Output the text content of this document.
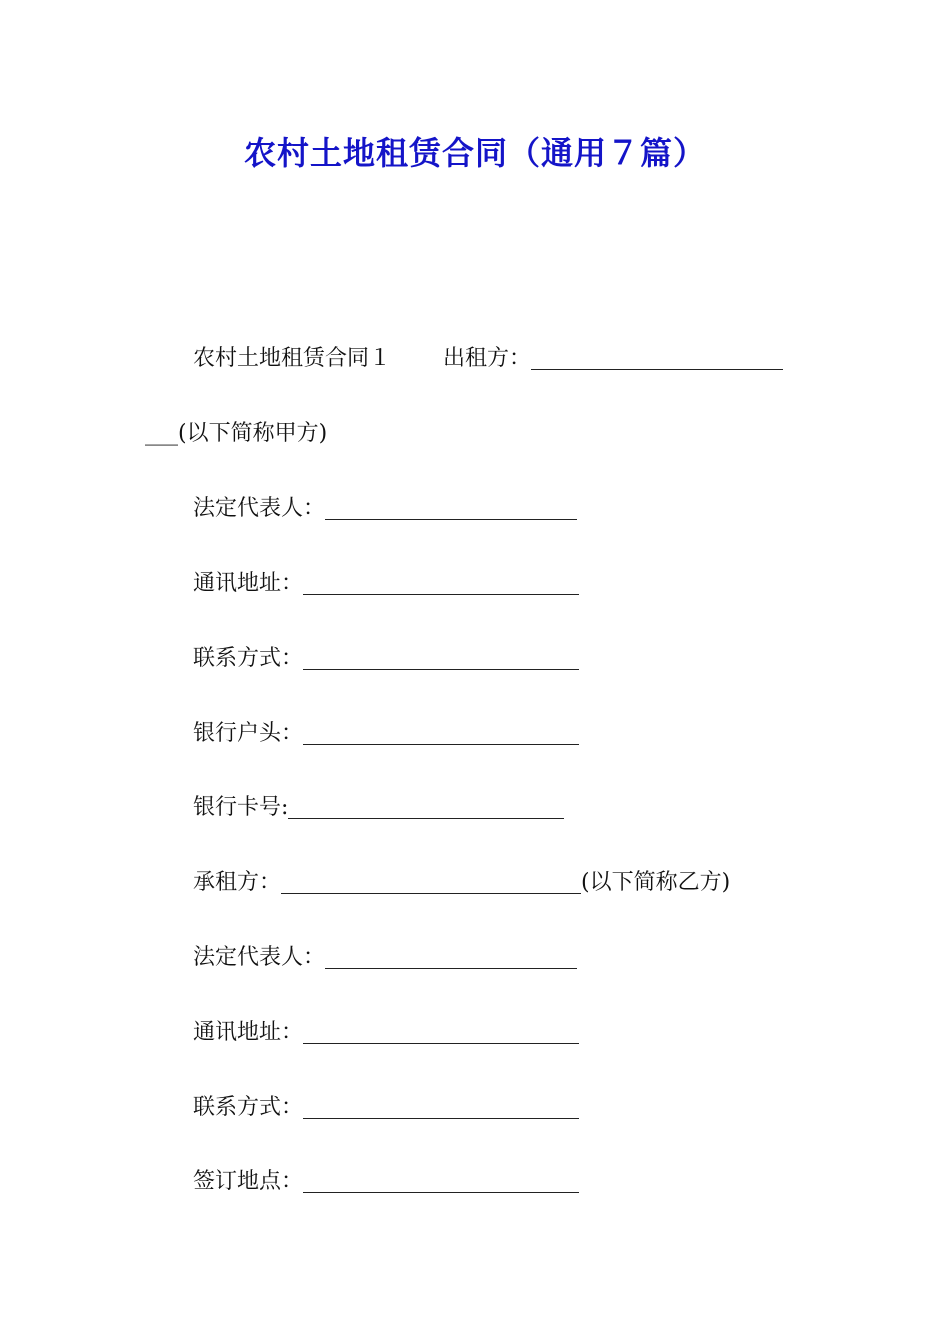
农村土地租赁合同（通用７篇）
农村土地租赁合同１ 出租方：
___ (以下简称甲方)
法定代表人：
通讯地址：
联系方式：
银行户头：
银行卡号:
承租方：	(以下简称乙方)
法定代表人：
通讯地址：
联系方式：
签订地点：
